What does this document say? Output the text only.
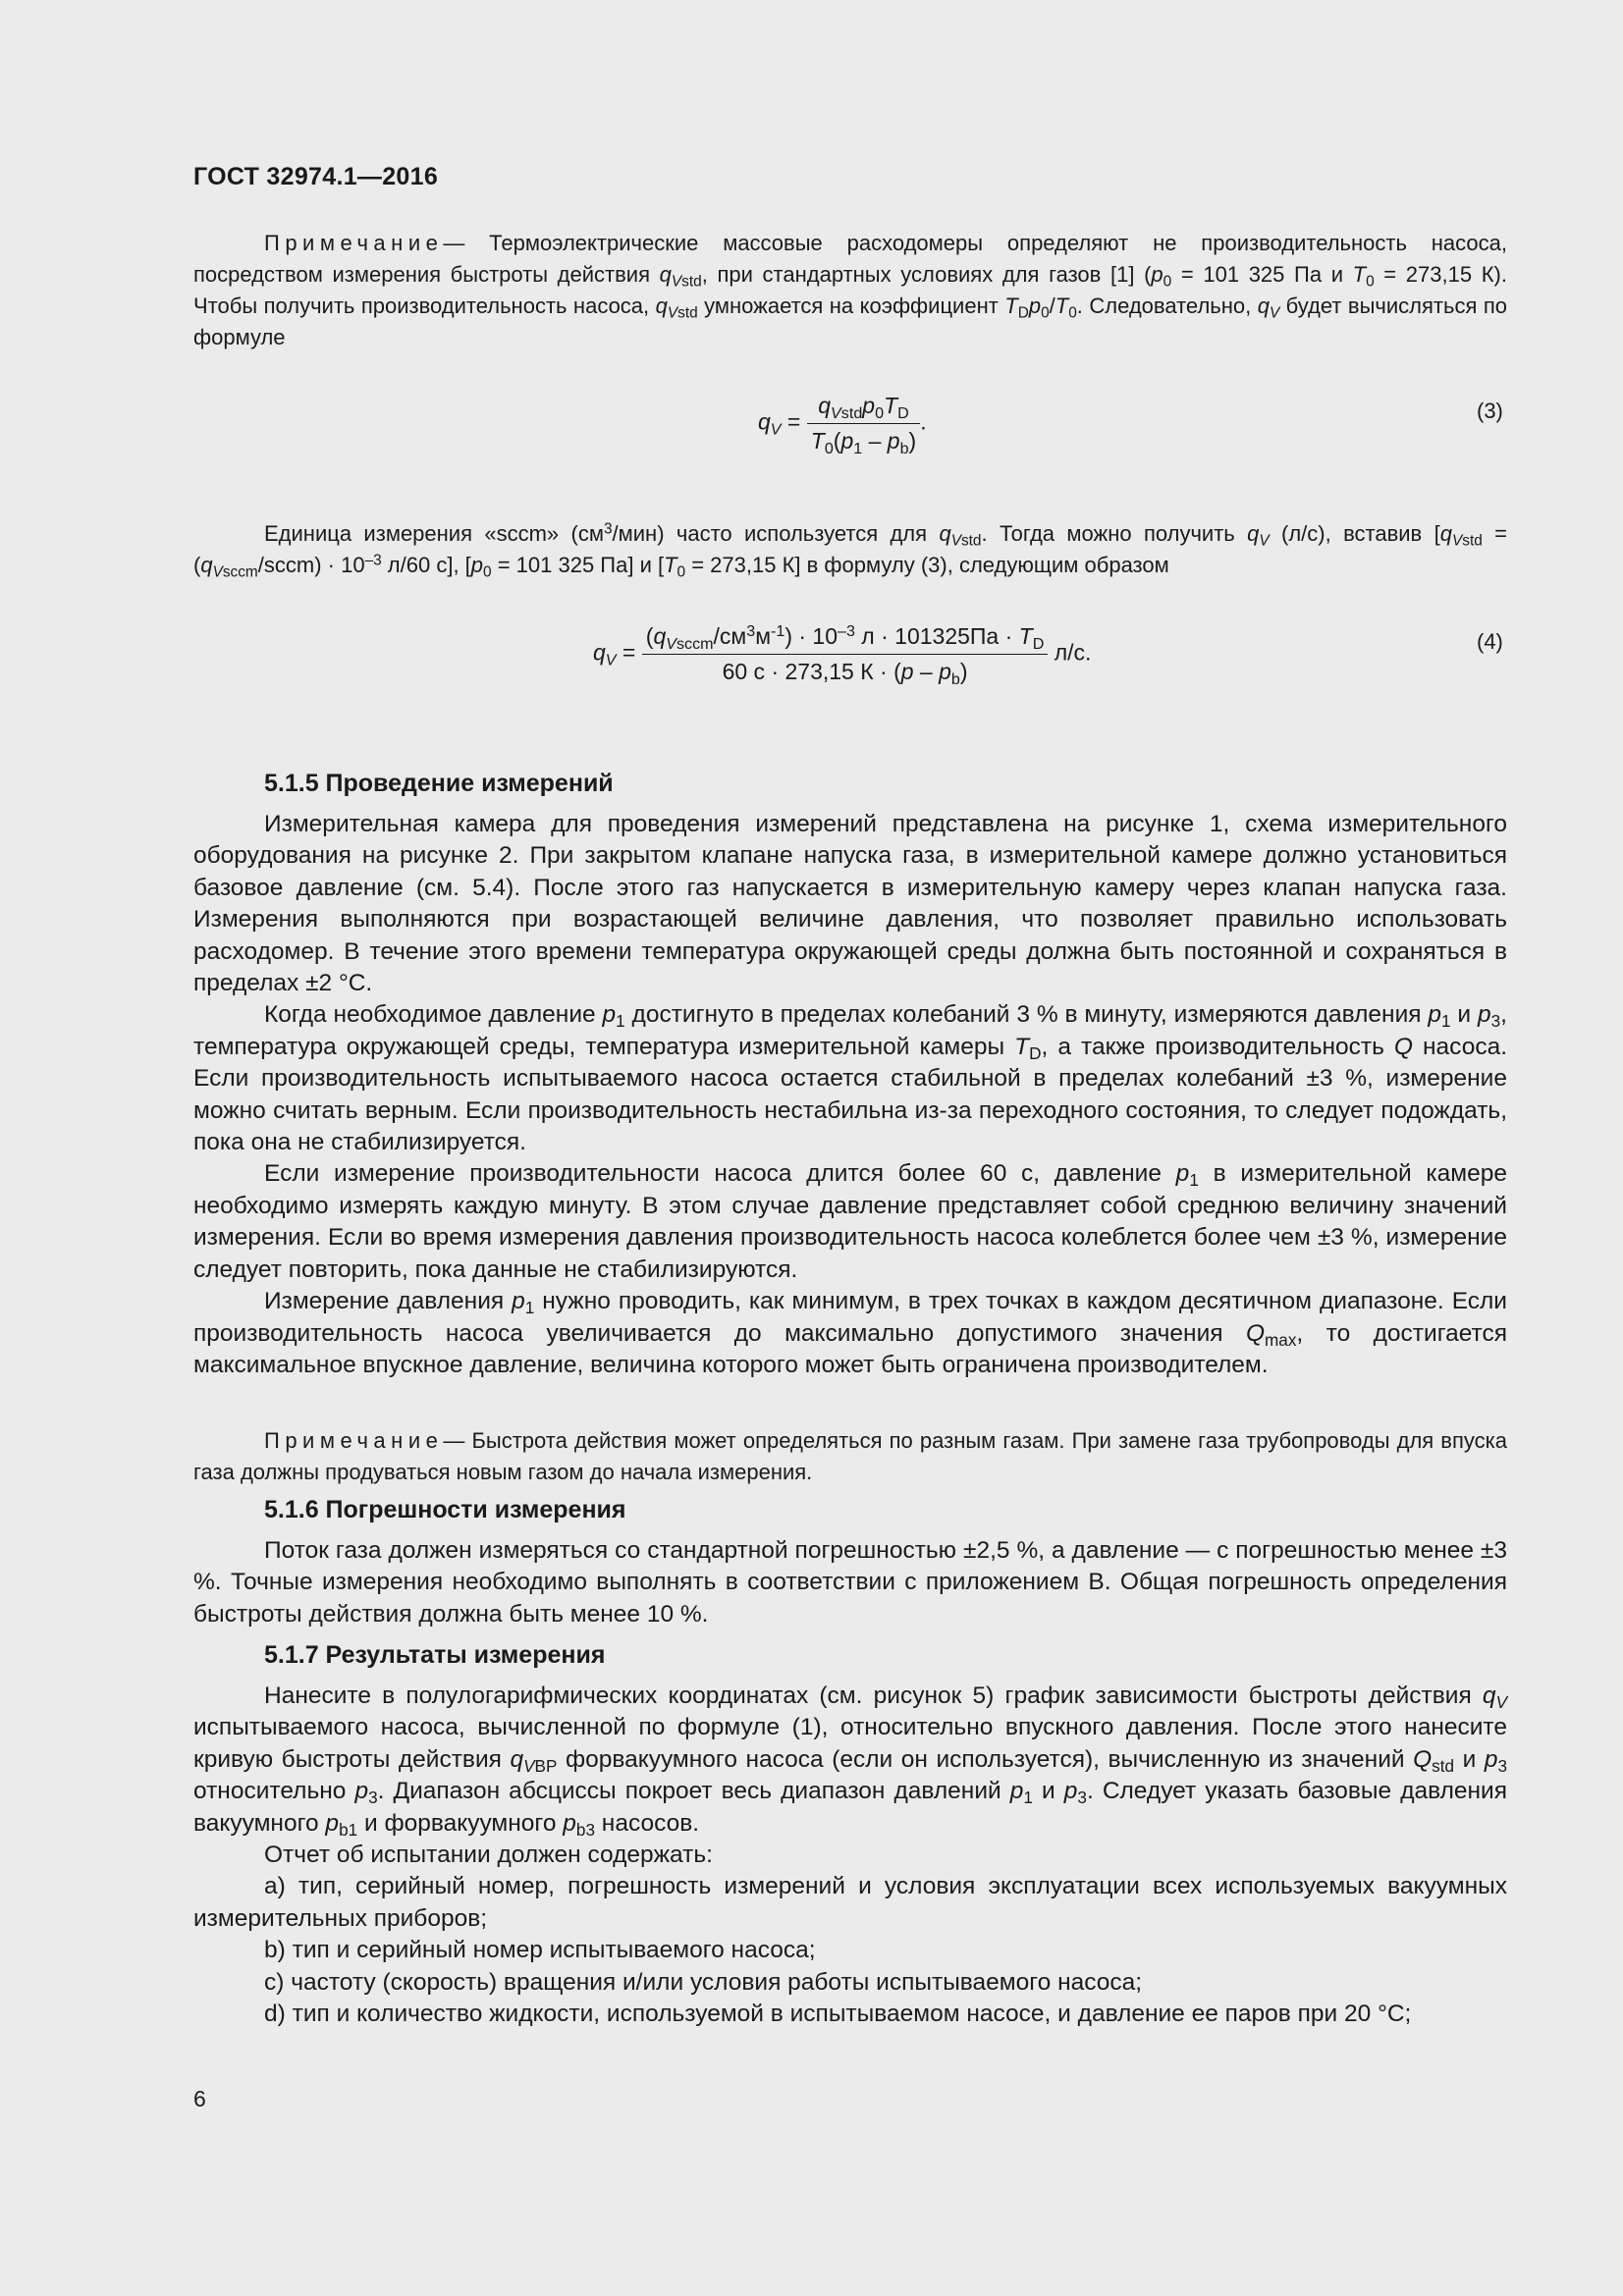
ГОСТ 32974.1—2016

Примечание— Термоэлектрические массовые расходомеры определяют не производительность насоса, посредством измерения быстроты действия $q_{Vstd}$, при стандартных условиях для газов [1] ($p_0 = 101$ 325 Па и $T_0 = 273,15$ К). Чтобы получить производительность насоса, $q_{Vstd}$ умножается на коэффициент $T_Dp_0/T_0$. Следовательно, $q_V$ будет вычисляться по формуле

$q_V = \frac{q_{Vstd}p_0T_D}{T_0(p_1 - p_b)}$ .	(3)

Единица измерения «sccm» $(см^3/мин)$ часто используется для $q_{Vstd}$. Тогда можно получить $q_V$ (л/с), вставив [$q_{Vstd}$ = $(q_{Vsccm}/sccm) \cdot 10^{-3}$ л/60 с], [$p_0 = 101$ 325 Па] и [$T_0 = 273,15$ К] в формулу (3), следующим образом

$q_V = \frac{(q_{Vsccm}/см^3м^{-1}) \cdot 10^{-3} л \cdot 101325Па \cdot T_D}{60 с \cdot 273,15 К \cdot (p - p_b)} л/с$.	(4)
5.1.5 Проведение измерений

Измерительная камера для проведения измерений представлена на рисунке 1, схема измерительного оборудования на рисунке 2. При закрытом клапане напуска газа, в измерительной камере должно установиться базовое давление (см. 5.4). После этого газ напускается в измерительную камеру через клапан напуска газа. Измерения выполняются при возрастающей величине давления, что позволяет правильно использовать расходомер. В течение этого времени температура окружающей среды должна быть постоянной и сохраняться в пределах ±2 °С.

Когда необходимое давление $p_1$ достигнуто в пределах колебаний 3 % в минуту, измеряются давления $p_1$ и $p_3$, температура окружающей среды, температура измерительной камеры $T_D$, а также производительность Q насоса. Если производительность испытываемого насоса остается стабильной в пределах колебаний ±3 %, измерение можно считать верным. Если производительность нестабильна из-за переходного состояния, то следует подождать, пока она не стабилизируется.

Если измерение производительности насоса длится более 60 с, давление $p_1$ в измерительной камере необходимо измерять каждую минуту. В этом случае давление представляет собой среднюю величину значений измерения. Если во время измерения давления производительность насоса колеблется более чем ±3 %, измерение следует повторить, пока данные не стабилизируются.

Измерение давления $p_1$ нужно проводить, как минимум, в трех точках в каждом десятичном диапазоне. Если производительность насоса увеличивается до максимально допустимого значения $Q_{max}$, то достигается максимальное впускное давление, величина которого может быть ограничена производителем.

Примечание— Быстрота действия может определяться по разным газам. При замене газа трубопроводы для впуска газа должны продуваться новым газом до начала измерения.

5.1.6 Погрешности измерения

Поток газа должен измеряться со стандартной погрешностью ±2,5 %, а давление — с погрешностью менее ±3 %. Точные измерения необходимо выполнять в соответствии с приложением В. Общая погрешность определения быстроты действия должна быть менее 10 %.

5.1.7 Результаты измерения

Нанесите в полулогарифмических координатах (см. рисунок 5) график зависимости быстроты действия $q_V$ испытываемого насоса, вычисленной по формуле (1), относительно впускного давления. После этого нанесите кривую быстроты действия $q_{VBP}$ форвакуумного насоса (если он используется), вычисленную из значений $Q_{std}$ и $p_3$ относительно $p_3$. Диапазон абсциссы покроет весь диапазон давлений $p_1$ и $p_3$. Следует указать базовые давления вакуумного $p_{b1}$ и форвакуумного $p_{b3}$ насосов.

Отчет об испытании должен содержать:

а) тип, серийный номер, погрешность измерений и условия эксплуатации всех используемых вакуумных измерительных приборов;

b) тип и серийный номер испытываемого насоса;

c) частоту (скорость) вращения и/или условия работы испытываемого насоса;

d) тип и количество жидкости, используемой в испытываемом насосе, и давление ее паров при 20 °С;

6
